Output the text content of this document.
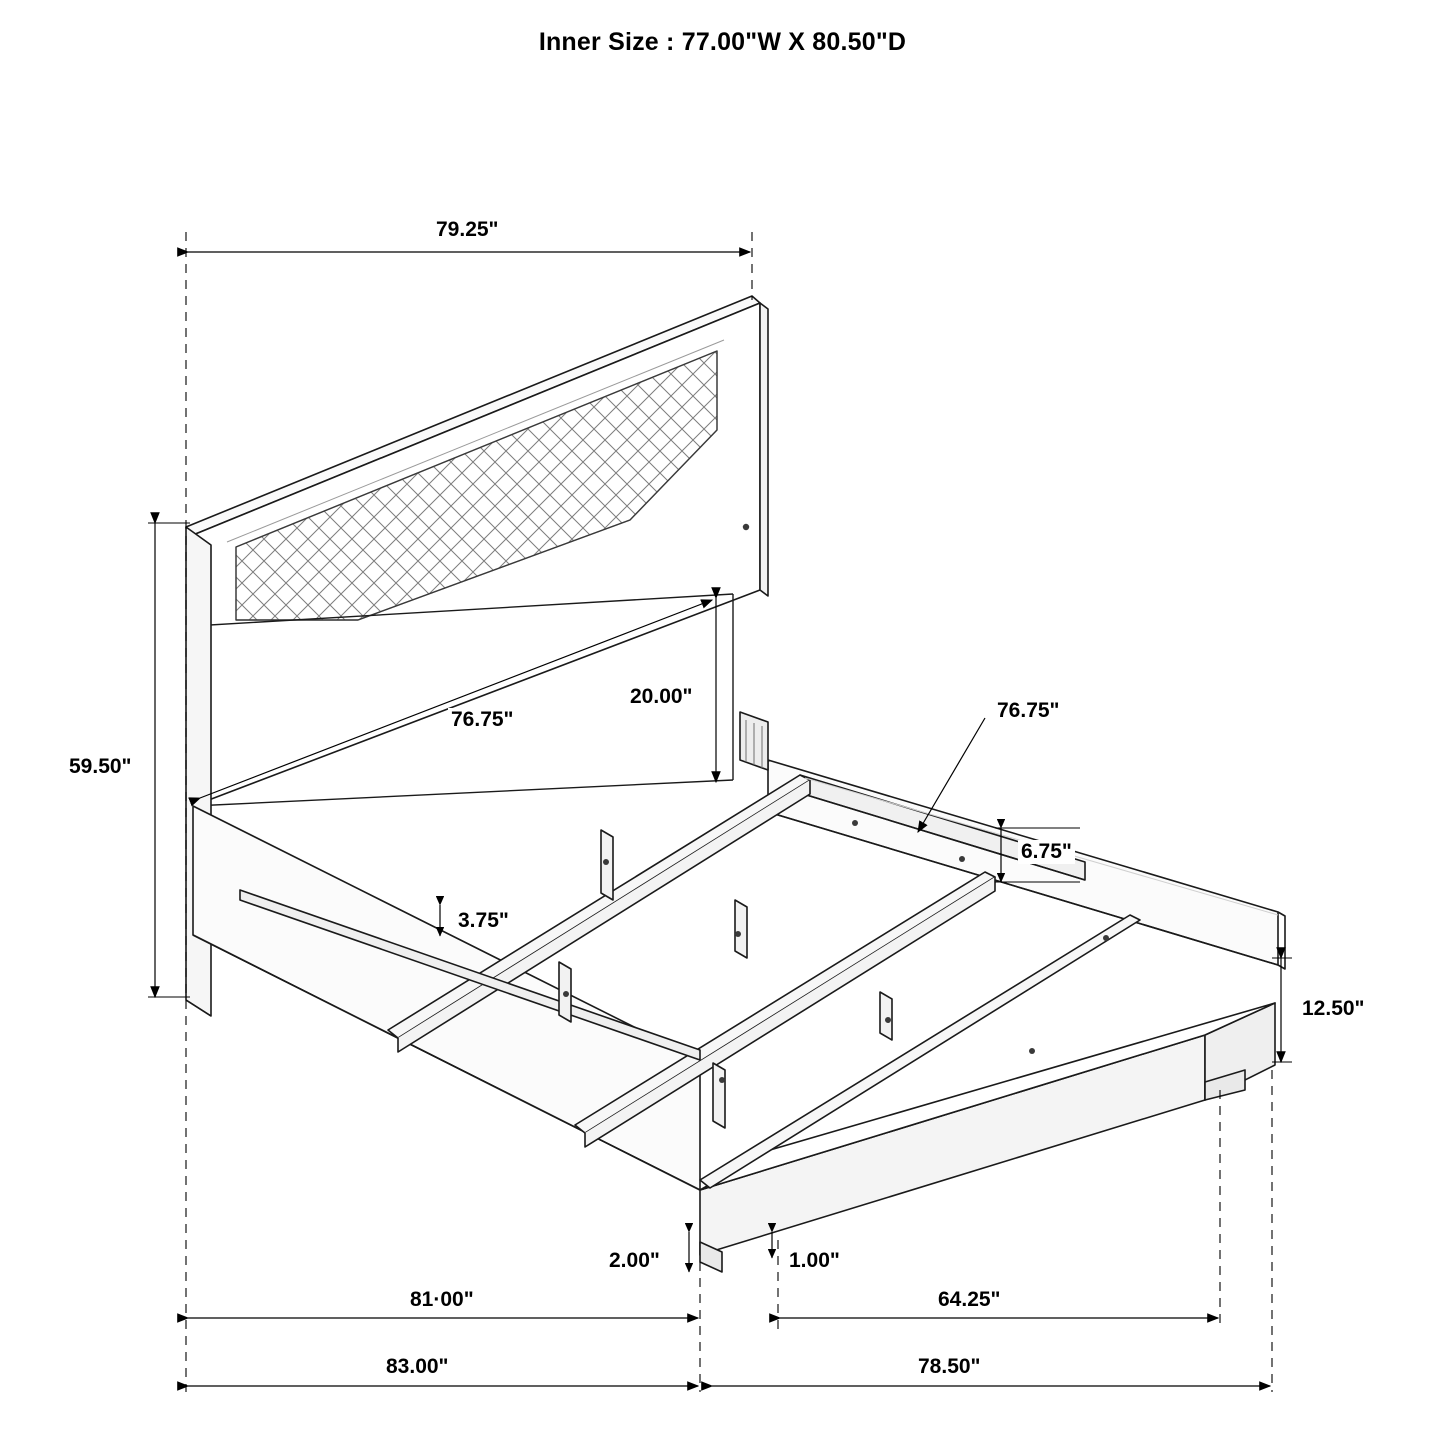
Inner Size : 77.00"W X 80.50"D
79.25"
76.75"
20.00"
59.50"
76.75"
6.75"
3.75"
12.50"
2.00"	1.00"
81·00"	64.25"
83.00"	78.50"
